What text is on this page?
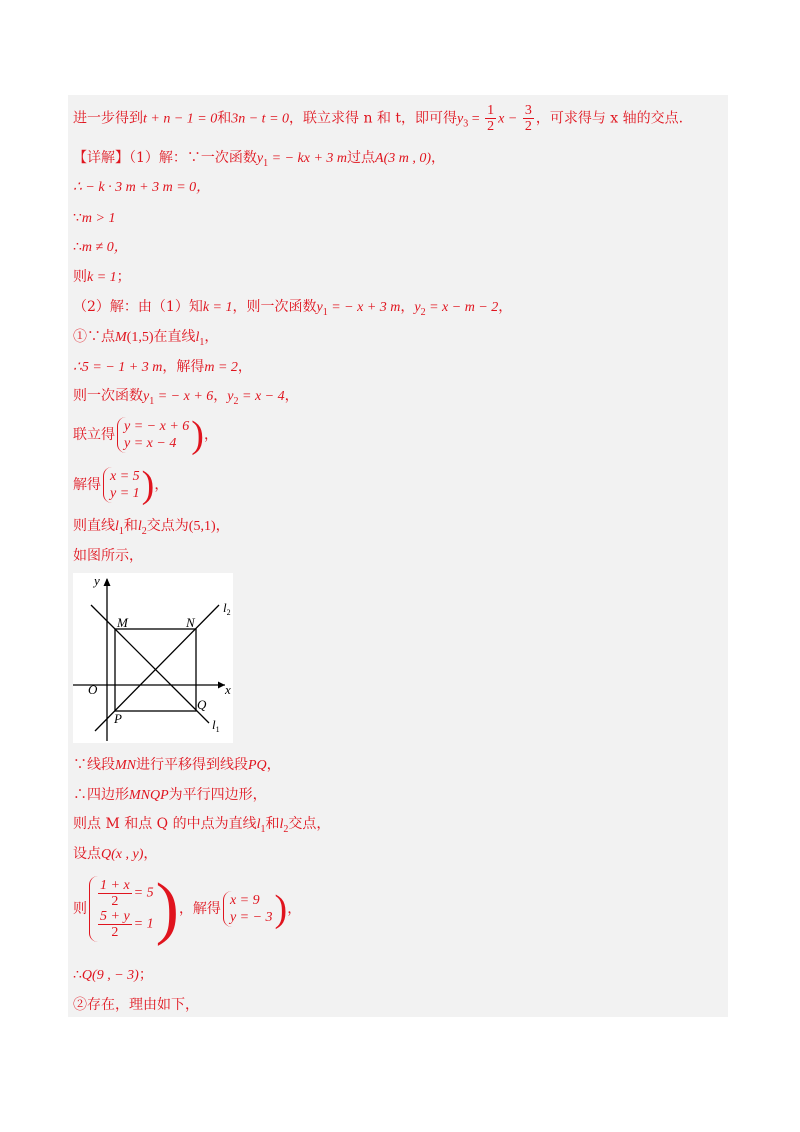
进一步得到t + n − 1 = 0和3n − t = 0，联立求得 n 和 t，即可得$y_3 = \frac{1}{2}$ $x - \frac{3}{2}$ ，可求得与 x 轴的交点.
【详解】（1）解：∵一次函数$y_1$ = − kx + 3 m过点A(3 m , 0)，
∴ − k · 3 m + 3 m = 0，
∵m > 1
∴m ≠ 0，
则k = 1；
（2）解：由（1）知k = 1，则一次函数$y_1$ = − x + 3 m，$y_2 = x - m - 2$，
①∵点M(1,5)在直线$l_1$，
∴5 = − 1 + 3 m，解得m = 2，
则一次函数$y_1$ = − x + 6，$y_2 = x - 4$，
联立得
y = − x + 6
y = x − 4 )，
解得
x = 5
y = 1 )，
则直线$l_1$和$l_2$交点为(5,1)，
如图所示，
y
x
O
M	N
P
Q
$l_2$
$l_1$
∵线段MN进行平移得到线段PQ，
∴四边形MNQP为平行四边形，
则点 M 和点 Q 的中点为直线$l_1$和$l_2$交点，
设点Q(x , y)，
则 $\frac{1 + x}{2} = 5$
$\frac{5 + y}{2} = 1$ )，解得
x = 9
y = − 3 )，
∴Q(9 , − 3)；
②存在，理由如下，
